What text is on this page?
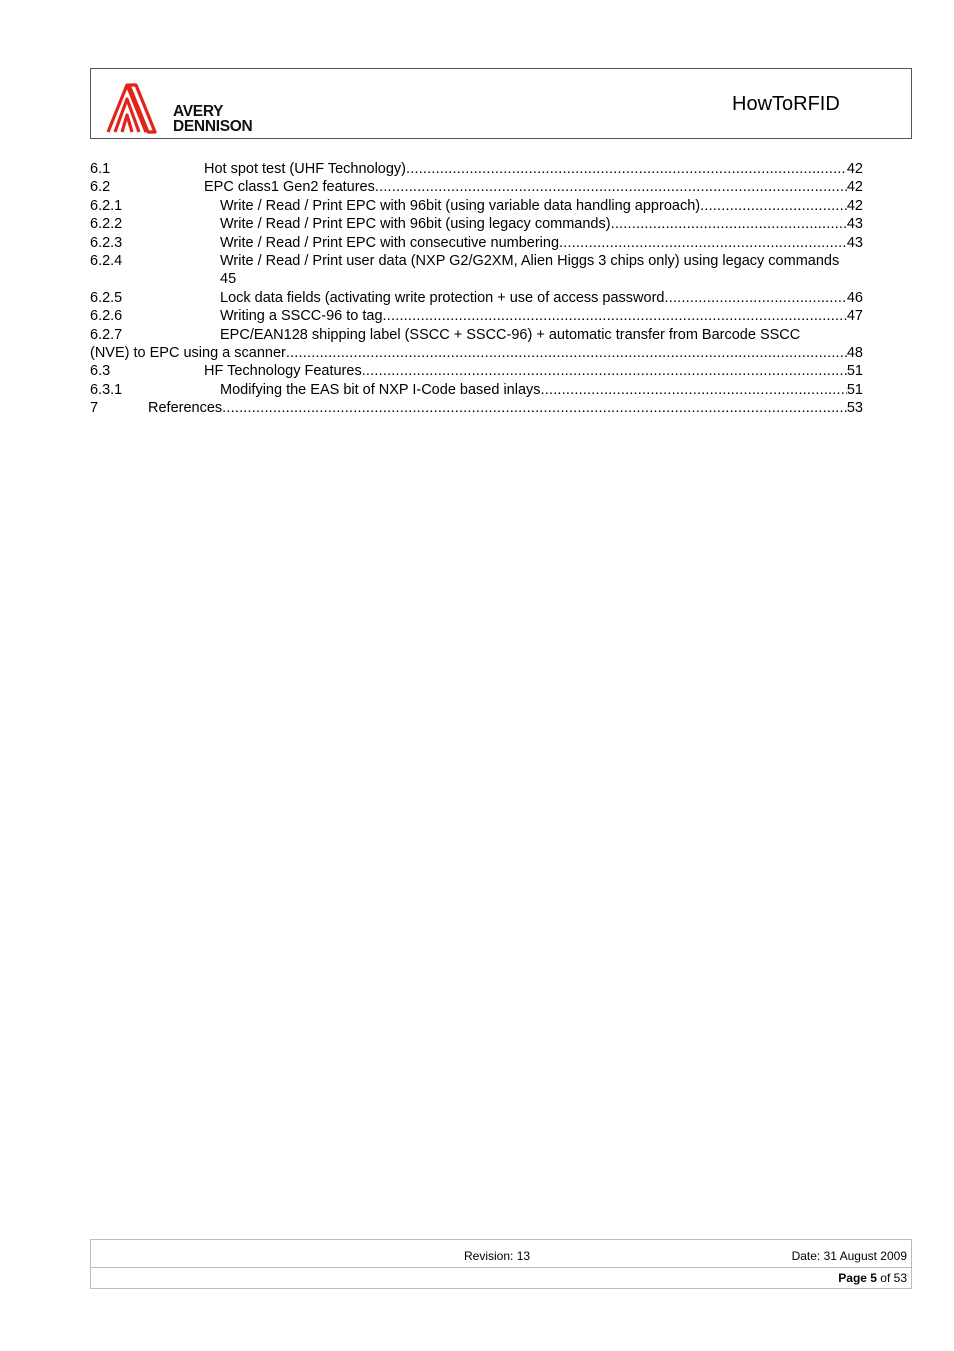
AVERY
DENNISON
HowToRFID
6.1	Hot spot test (UHF Technology) .....	42
6.2	EPC class1 Gen2 features .....	42
6.2.1	Write / Read / Print EPC with 96bit (using variable data handling approach) .....	42
6.2.2	Write / Read / Print EPC with 96bit (using legacy commands) .....	43
6.2.3	Write / Read / Print EPC with consecutive numbering .....	43
6.2.4	Write / Read / Print user data (NXP G2/G2XM, Alien Higgs 3 chips only) using legacy commands
45
6.2.5	Lock data fields (activating write protection + use of access password .....	46
6.2.6	Writing a SSCC-96 to tag .....	47
6.2.7	EPC/EAN128 shipping label (SSCC + SSCC-96) + automatic transfer from Barcode SSCC
(NVE) to EPC using a scanner .....	48
6.3	HF Technology Features .....	51
6.3.1	Modifying the EAS bit of NXP I-Code based inlays .....	51
7	References .....	53
Revision: 13	Date: 31 August 2009
Page 5 of 53
